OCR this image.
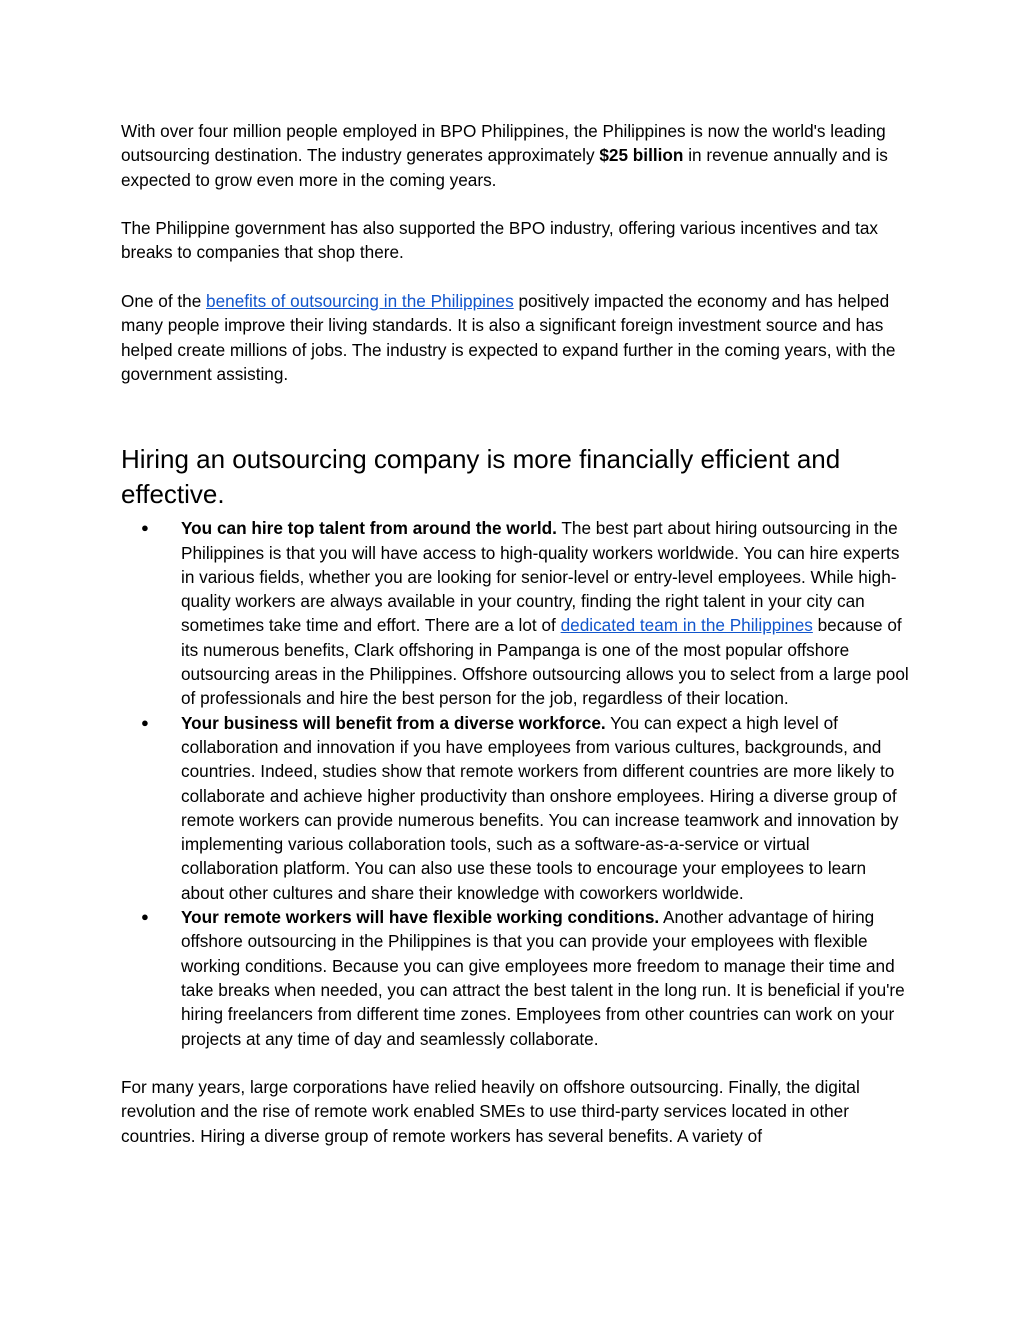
With over four million people employed in BPO Philippines, the Philippines is now the world's leading outsourcing destination. The industry generates approximately $25 billion in revenue annually and is expected to grow even more in the coming years.

The Philippine government has also supported the BPO industry, offering various incentives and tax breaks to companies that shop there.

One of the benefits of outsourcing in the Philippines positively impacted the economy and has helped many people improve their living standards. It is also a significant foreign investment source and has helped create millions of jobs. The industry is expected to expand further in the coming years, with the government assisting.

Hiring an outsourcing company is more financially efficient and effective.
● You can hire top talent from around the world. The best part about hiring outsourcing in the Philippines is that you will have access to high-quality workers worldwide. You can hire experts in various fields, whether you are looking for senior-level or entry-level employees. While high-quality workers are always available in your country, finding the right talent in your city can sometimes take time and effort. There are a lot of dedicated team in the Philippines because of its numerous benefits, Clark offshoring in Pampanga is one of the most popular offshore outsourcing areas in the Philippines. Offshore outsourcing allows you to select from a large pool of professionals and hire the best person for the job, regardless of their location.
● Your business will benefit from a diverse workforce. You can expect a high level of collaboration and innovation if you have employees from various cultures, backgrounds, and countries. Indeed, studies show that remote workers from different countries are more likely to collaborate and achieve higher productivity than onshore employees. Hiring a diverse group of remote workers can provide numerous benefits. You can increase teamwork and innovation by implementing various collaboration tools, such as a software-as-a-service or virtual collaboration platform. You can also use these tools to encourage your employees to learn about other cultures and share their knowledge with coworkers worldwide.
● Your remote workers will have flexible working conditions. Another advantage of hiring offshore outsourcing in the Philippines is that you can provide your employees with flexible working conditions. Because you can give employees more freedom to manage their time and take breaks when needed, you can attract the best talent in the long run. It is beneficial if you're hiring freelancers from different time zones. Employees from other countries can work on your projects at any time of day and seamlessly collaborate.

For many years, large corporations have relied heavily on offshore outsourcing. Finally, the digital revolution and the rise of remote work enabled SMEs to use third-party services located in other countries. Hiring a diverse group of remote workers has several benefits. A variety of
